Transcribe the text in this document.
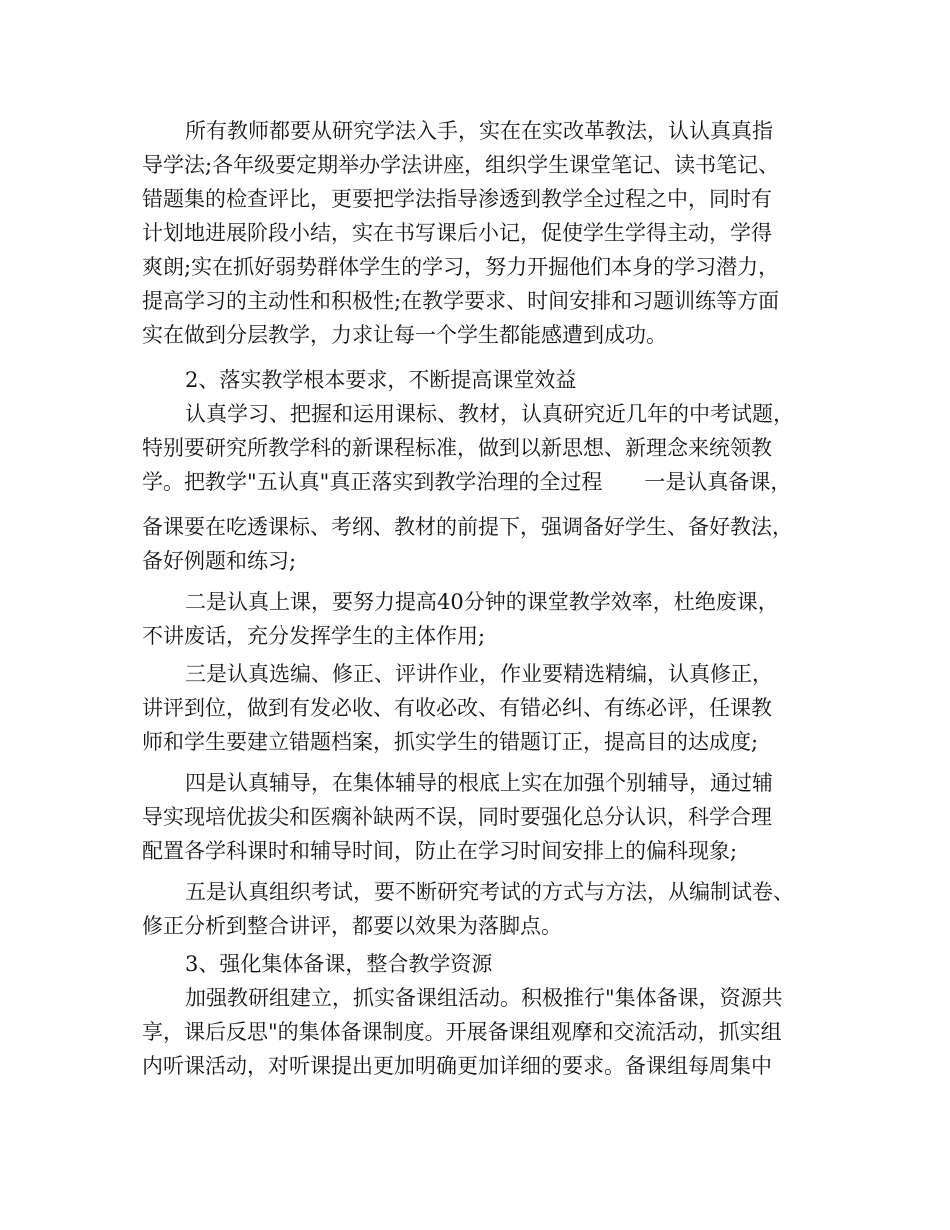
所有教师都要从研究学法入手，实在在实改革教法，认认真真指
导学法;各年级要定期举办学法讲座，组织学生课堂笔记、读书笔记、
错题集的检查评比，更要把学法指导渗透到教学全过程之中，同时有
计划地进展阶段小结，实在书写课后小记，促使学生学得主动，学得
爽朗;实在抓好弱势群体学生的学习，努力开掘他们本身的学习潜力，
提高学习的主动性和积极性;在教学要求、时间安排和习题训练等方面
实在做到分层教学，力求让每一个学生都能感遭到成功。
2、落实教学根本要求，不断提高课堂效益
认真学习、把握和运用课标、教材，认真研究近几年的中考试题，
特别要研究所教学科的新课程标准，做到以新思想、新理念来统领教
学。把教学"五认真"真正落实到教学治理的全过程　　一是认真备课，
备课要在吃透课标、考纲、教材的前提下，强调备好学生、备好教法，
备好例题和练习;
二是认真上课，要努力提高40分钟的课堂教学效率，杜绝废课，
不讲废话，充分发挥学生的主体作用;
三是认真选编、修正、评讲作业，作业要精选精编，认真修正，
讲评到位，做到有发必收、有收必改、有错必纠、有练必评，任课教
师和学生要建立错题档案，抓实学生的错题订正，提高目的达成度;
四是认真辅导，在集体辅导的根底上实在加强个别辅导，通过辅
导实现培优拔尖和医瘸补缺两不误，同时要强化总分认识，科学合理
配置各学科课时和辅导时间，防止在学习时间安排上的偏科现象;
五是认真组织考试，要不断研究考试的方式与方法，从编制试卷、
修正分析到整合讲评，都要以效果为落脚点。
3、强化集体备课，整合教学资源
加强教研组建立，抓实备课组活动。积极推行"集体备课，资源共
享，课后反思"的集体备课制度。开展备课组观摩和交流活动，抓实组
内听课活动，对听课提出更加明确更加详细的要求。备课组每周集中
